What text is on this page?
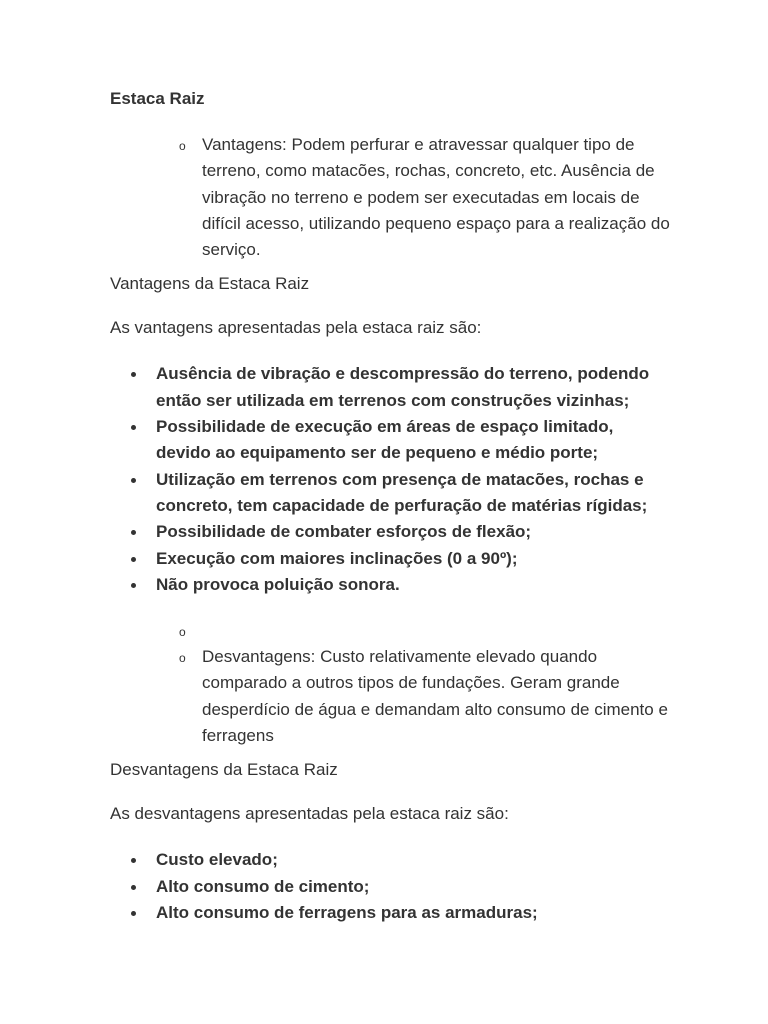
Estaca Raiz
o Vantagens: Podem perfurar e atravessar qualquer tipo de terreno, como matacões, rochas, concreto, etc. Ausência de vibração no terreno e podem ser executadas em locais de difícil acesso, utilizando pequeno espaço para a realização do serviço.

Vantagens da Estaca Raiz

As vantagens apresentadas pela estaca raiz são:

Ausência de vibração e descompressão do terreno, podendo então ser utilizada em terrenos com construções vizinhas;
Possibilidade de execução em áreas de espaço limitado, devido ao equipamento ser de pequeno e médio porte;
Utilização em terrenos com presença de matacões, rochas e concreto, tem capacidade de perfuração de matérias rígidas;
Possibilidade de combater esforços de flexão;
Execução com maiores inclinações (0 a 90º);
Não provoca poluição sonora.
o
o Desvantagens: Custo relativamente elevado quando comparado a outros tipos de fundações. Geram grande desperdício de água e demandam alto consumo de cimento e ferragens

Desvantagens da Estaca Raiz

As desvantagens apresentadas pela estaca raiz são:

Custo elevado;
Alto consumo de cimento;
Alto consumo de ferragens para as armaduras;
